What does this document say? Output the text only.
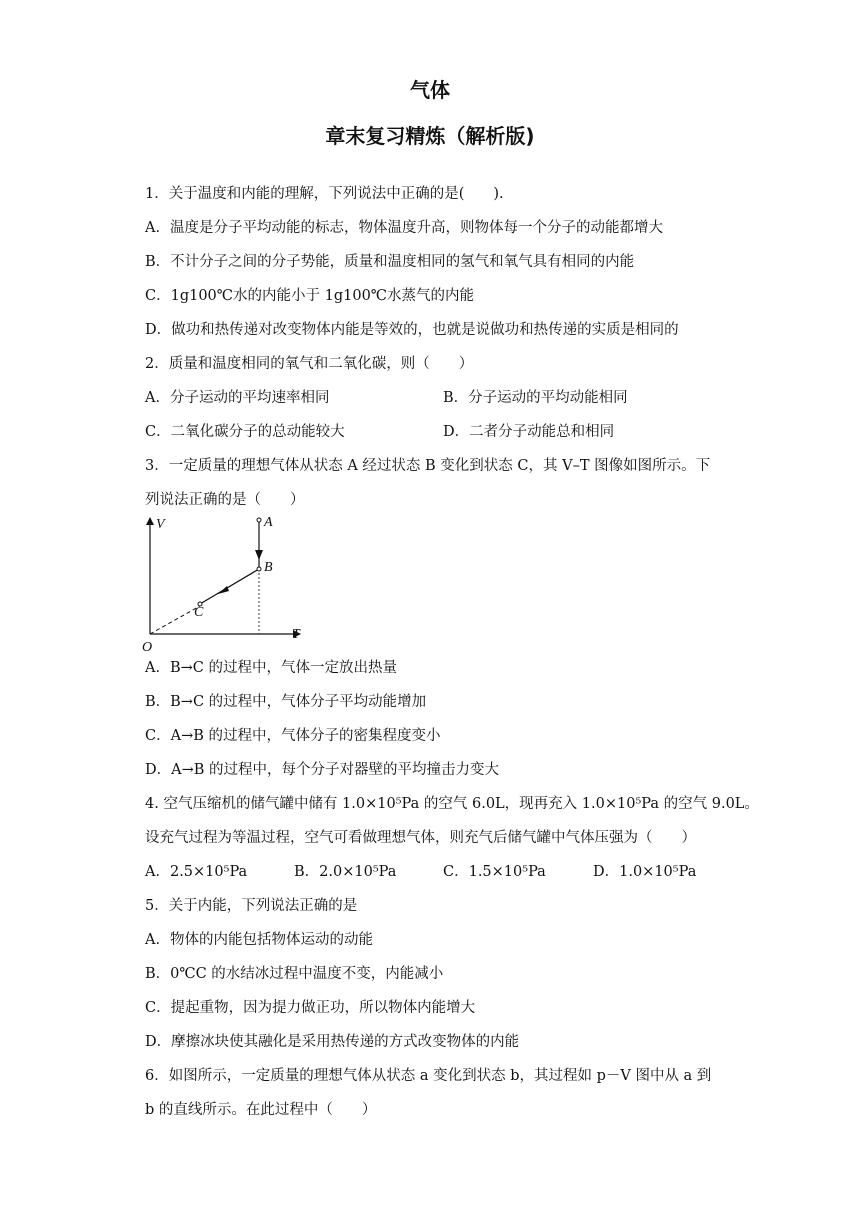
气体
章末复习精炼（解析版)
1．关于温度和内能的理解，下列说法中正确的是(　　).
A．温度是分子平均动能的标志，物体温度升高，则物体每一个分子的动能都增大
B．不计分子之间的分子势能，质量和温度相同的氢气和氧气具有相同的内能
C．1g100℃水的内能小于 1g100℃水蒸气的内能
D．做功和热传递对改变物体内能是等效的，也就是说做功和热传递的实质是相同的
2．质量和温度相同的氧气和二氧化碳，则（　　）
A．分子运动的平均速率相同	B．分子运动的平均动能相同
C．二氧化碳分子的总动能较大	D．二者分子动能总和相同
3．一定质量的理想气体从状态 A 经过状态 B 变化到状态 C，其 V–T 图像如图所示。下
列说法正确的是（　　）
V
T
O
A
B
C
A．B→C 的过程中，气体一定放出热量
B．B→C 的过程中，气体分子平均动能增加
C．A→B 的过程中，气体分子的密集程度变小
D．A→B 的过程中，每个分子对器壁的平均撞击力变大
4. 空气压缩机的储气罐中储有 1.0×10⁵Pa 的空气 6.0L，现再充入 1.0×10⁵Pa 的空气 9.0L。
设充气过程为等温过程，空气可看做理想气体，则充气后储气罐中气体压强为（　　）
A．2.5×10⁵Pa	B．2.0×10⁵Pa	C．1.5×10⁵Pa	D．1.0×10⁵Pa
5．关于内能，下列说法正确的是
A．物体的内能包括物体运动的动能
B．0℃C 的水结冰过程中温度不变，内能减小
C．提起重物，因为提力做正功，所以物体内能增大
D．摩擦冰块使其融化是采用热传递的方式改变物体的内能
6．如图所示，一定质量的理想气体从状态 a 变化到状态 b，其过程如 p－V 图中从 a 到
b 的直线所示。在此过程中（　　）
